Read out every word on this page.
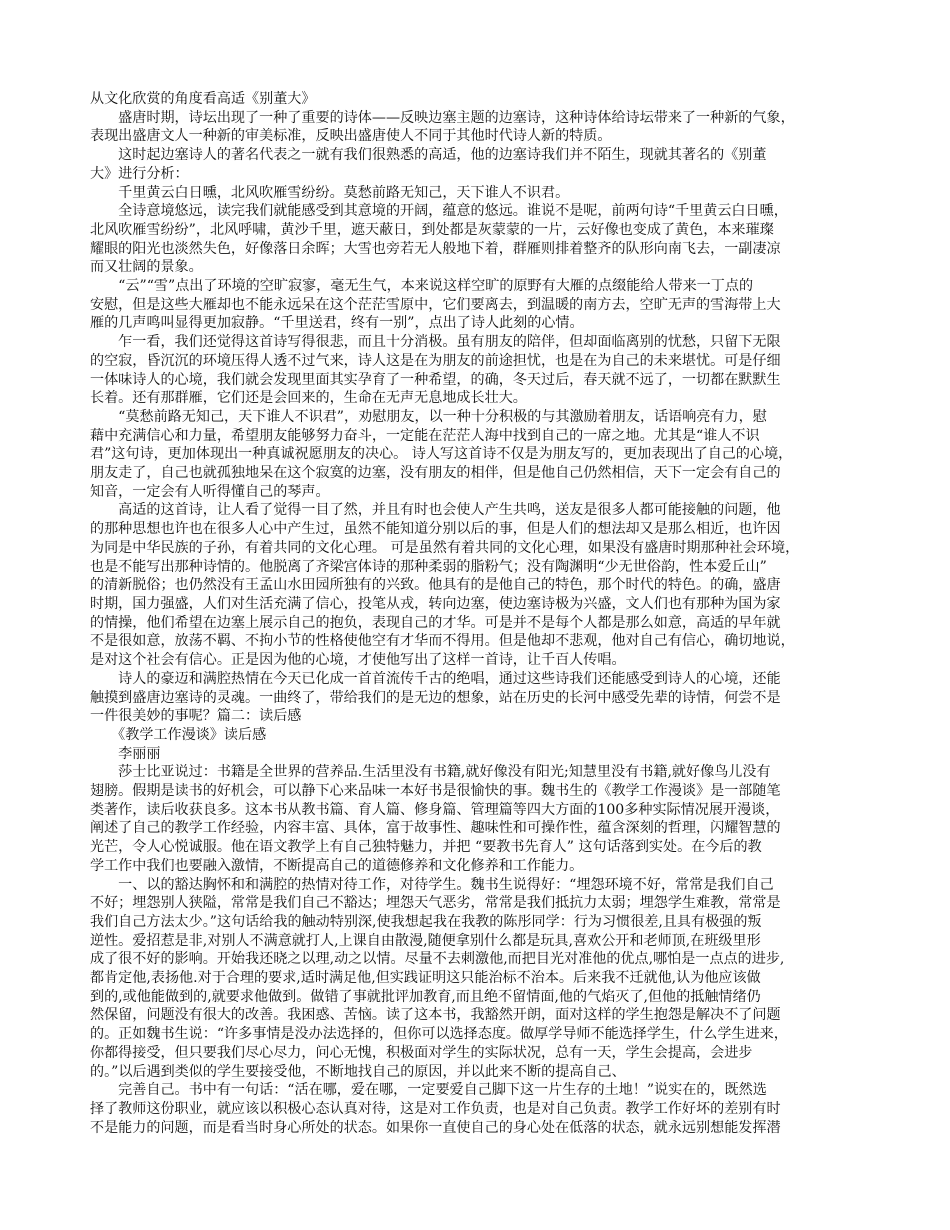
从文化欣赏的角度看高适《别董大》
　　盛唐时期，诗坛出现了一种了重要的诗体——反映边塞主题的边塞诗，这种诗体给诗坛带来了一种新的气象，
表现出盛唐文人一种新的审美标准，反映出盛唐使人不同于其他时代诗人新的特质。
　　这时起边塞诗人的著名代表之一就有我们很熟悉的高适，他的边塞诗我们并不陌生，现就其著名的《别董
大》进行分析：
　　千里黄云白日曛，北风吹雁雪纷纷。莫愁前路无知己，天下谁人不识君。
　　全诗意境悠远，读完我们就能感受到其意境的开阔，蕴意的悠远。谁说不是呢，前两句诗“千里黄云白日曛，
北风吹雁雪纷纷”，北风呼啸，黄沙千里，遮天蔽日，到处都是灰蒙蒙的一片，云好像也变成了黄色，本来璀璨
耀眼的阳光也淡然失色，好像落日余晖；大雪也旁若无人般地下着，群雁则排着整齐的队形向南飞去，一副凄凉
而又壮阔的景象。
　　“云”“雪”点出了环境的空旷寂寥，毫无生气，本来说这样空旷的原野有大雁的点缀能给人带来一丁点的
安慰，但是这些大雁却也不能永远呆在这个茫茫雪原中，它们要离去，到温暖的南方去，空旷无声的雪海带上大
雁的几声鸣叫显得更加寂静。“千里送君，终有一别”，点出了诗人此刻的心情。
　　乍一看，我们还觉得这首诗写得很悲，而且十分消极。虽有朋友的陪伴，但却面临离别的忧愁，只留下无限
的空寂，昏沉沉的环境压得人透不过气来，诗人这是在为朋友的前途担忧，也是在为自己的未来堪忧。可是仔细
一体味诗人的心境，我们就会发现里面其实孕育了一种希望，的确，冬天过后，春天就不远了，一切都在默默生
长着。还有那群雁，它们还是会回来的，生命在无声无息地成长壮大。
　　“莫愁前路无知己，天下谁人不识君”，劝慰朋友，以一种十分积极的与其激励着朋友，话语响亮有力，慰
藉中充满信心和力量，希望朋友能够努力奋斗，一定能在茫茫人海中找到自己的一席之地。尤其是“谁人不识
君”这句诗，更加体现出一种真诚祝愿朋友的决心。 诗人写这首诗不仅是为朋友写的，更加表现出了自己的心境，
朋友走了，自己也就孤独地呆在这个寂寞的边塞，没有朋友的相伴，但是他自己仍然相信，天下一定会有自己的
知音，一定会有人听得懂自己的琴声。
　　高适的这首诗，让人看了觉得一目了然，并且有时也会使人产生共鸣，送友是很多人都可能接触的问题，他
的那种思想也许也在很多人心中产生过，虽然不能知道分别以后的事，但是人们的想法却又是那么相近，也许因
为同是中华民族的子孙，有着共同的文化心理。 可是虽然有着共同的文化心理，如果没有盛唐时期那种社会环境，
也是不能写出那种诗情的。他脱离了齐梁宫体诗的那种柔弱的脂粉气；没有陶渊明“少无世俗韵，性本爱丘山”
的清新脱俗；也仍然没有王孟山水田园所独有的兴致。他具有的是他自己的特色，那个时代的特色。的确，盛唐
时期，国力强盛，人们对生活充满了信心，投笔从戎，转向边塞，使边塞诗极为兴盛，文人们也有那种为国为家
的情操，他们希望在边塞上展示自己的抱负，表现自己的才华。可是并不是每个人都是那么如意，高适的早年就
不是很如意，放荡不羁、不拘小节的性格使他空有才华而不得用。但是他却不悲观，他对自己有信心，确切地说，
是对这个社会有信心。正是因为他的心境，才使他写出了这样一首诗，让千百人传唱。
　　诗人的豪迈和满腔热情在今天已化成一首首流传千古的绝唱，通过这些诗我们还能感受到诗人的心境，还能
触摸到盛唐边塞诗的灵魂。一曲终了，带给我们的是无边的想象，站在历史的长河中感受先辈的诗情，何尝不是
一件很美妙的事呢？篇二：读后感
　　《教学工作漫谈》读后感
　　李丽丽
　　莎士比亚说过：书籍是全世界的营养品.生活里没有书籍,就好像没有阳光;知慧里没有书籍,就好像鸟儿没有
翅膀。假期是读书的好机会，可以静下心来品味一本好书是很愉快的事。魏书生的《教学工作漫谈》是一部随笔
类著作，读后收获良多。这本书从教书篇、育人篇、修身篇、管理篇等四大方面的100多种实际情况展开漫谈，
阐述了自己的教学工作经验，内容丰富、具体，富于故事性、趣味性和可操作性，蕴含深刻的哲理，闪耀智慧的
光芒，令人心悦诚服。他在语文教学上有自己独特魅力，并把 “要教书先育人” 这句话落到实处。在今后的教
学工作中我们也要融入激情，不断提高自己的道德修养和文化修养和工作能力。
　　一、以的豁达胸怀和和满腔的热情对待工作，对待学生。魏书生说得好：“埋怨环境不好，常常是我们自己
不好；埋怨别人狭隘，常常是我们自己不豁达；埋怨天气恶劣，常常是我们抵抗力太弱；埋怨学生难教，常常是
我们自己方法太少。”这句话给我的触动特别深,使我想起我在我教的陈彤同学：行为习惯很差,且具有极强的叛
逆性。爱招惹是非,对别人不满意就打人,上课自由散漫,随便拿别什么都是玩具,喜欢公开和老师顶,在班级里形
成了很不好的影响。开始我还晓之以理,动之以情。尽量不去刺激他,而把目光对准他的优点,哪怕是一点点的进步,
都肯定他,表扬他.对于合理的要求,适时满足他,但实践证明这只能治标不治本。后来我不迁就他,认为他应该做
到的,或他能做到的,就要求他做到。做错了事就批评加教育,而且绝不留情面,他的气焰灭了,但他的抵触情绪仍
然保留，问题没有很大的改善。我困惑、苦恼。读了这本书，我豁然开朗，面对这样的学生抱怨是解决不了问题
的。正如魏书生说：“许多事情是没办法选择的，但你可以选择态度。做厚学导师不能选择学生，什么学生进来，
你都得接受，但只要我们尽心尽力，问心无愧，积极面对学生的实际状况，总有一天，学生会提高，会进步
的。”以后遇到类似的学生要接受他，不断地找自己的原因，并以此来不断的提高自己、
　　完善自己。书中有一句话：“活在哪，爱在哪，一定要爱自己脚下这一片生存的土地！”说实在的，既然选
择了教师这份职业，就应该以积极心态认真对待，这是对工作负责，也是对自己负责。教学工作好坏的差别有时
不是能力的问题，而是看当时身心所处的状态。如果你一直使自己的身心处在低落的状态，就永远别想能发挥潜
